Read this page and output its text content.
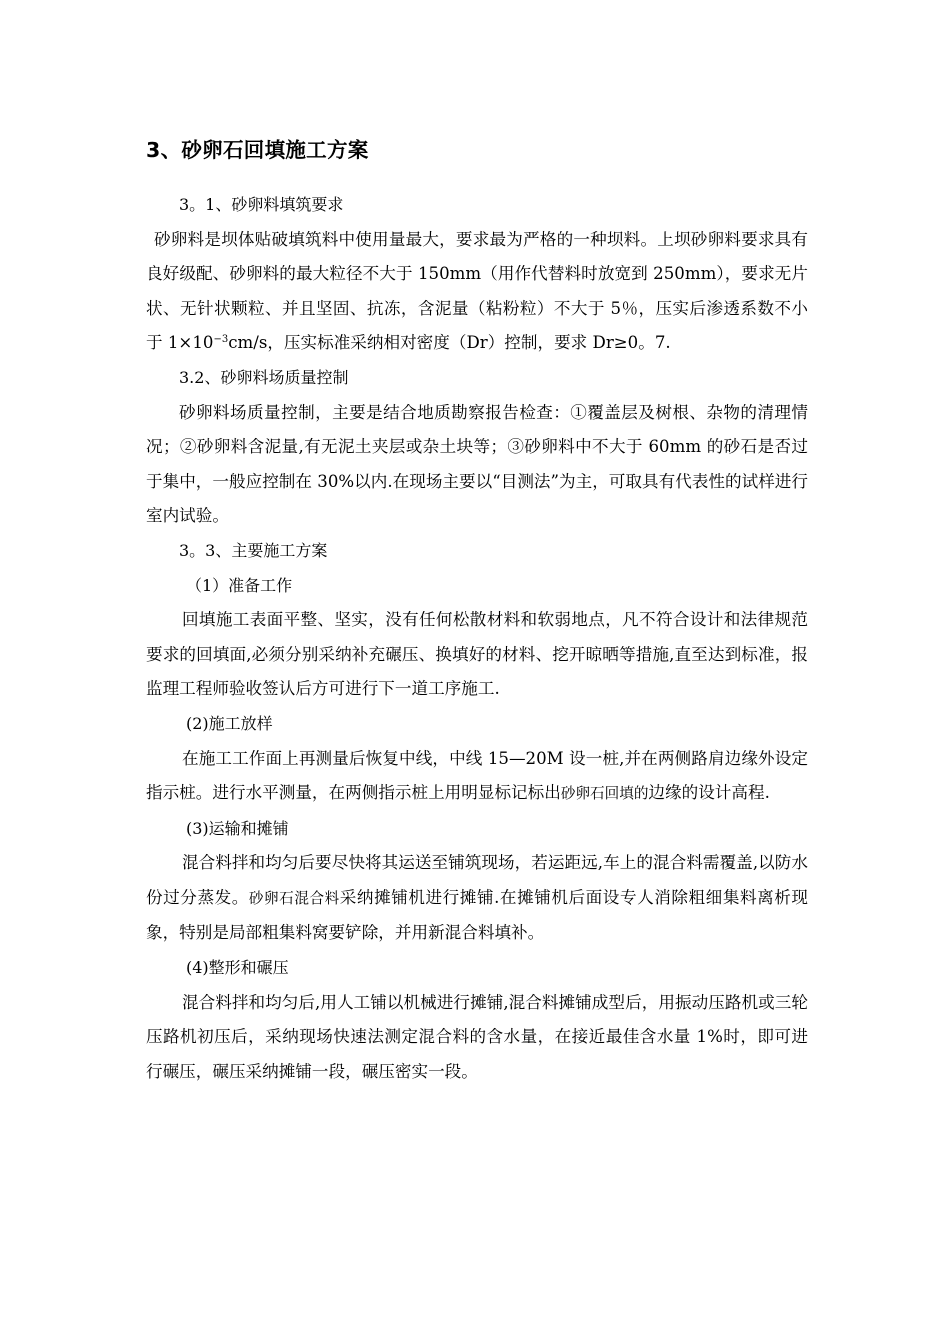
3、砂卵石回填施工方案

3。1、砂卵料填筑要求

砂卵料是坝体贴破填筑料中使用量最大，要求最为严格的一种坝料。上坝砂卵料要求具有良好级配、砂卵料的最大粒径不大于 150mm（用作代替料时放宽到 250mm），要求无片状、无针状颗粒、并且坚固、抗冻，含泥量（粘粉粒）不大于 5％，压实后渗透系数不小于 $1\times 10^{-3}cm/s$，压实标准采纳相对密度（Dr）控制，要求 Dr≥0。7.

3.2、砂卵料场质量控制

砂卵料场质量控制，主要是结合地质勘察报告检查：①覆盖层及树根、杂物的清理情况；②砂卵料含泥量,有无泥土夹层或杂土块等；③砂卵料中不大于 60mm 的砂石是否过于集中，一般应控制在 30%以内.在现场主要以“目测法”为主，可取具有代表性的试样进行室内试验。

3。3、主要施工方案

（1）准备工作

回填施工表面平整、坚实，没有任何松散材料和软弱地点，凡不符合设计和法律规范要求的回填面,必须分别采纳补充碾压、换填好的材料、挖开晾晒等措施,直至达到标准，报监理工程师验收签认后方可进行下一道工序施工.

(2)施工放样

在施工工作面上再测量后恢复中线，中线 15—20M 设一桩,并在两侧路肩边缘外设定指示桩。进行水平测量，在两侧指示桩上用明显标记标出砂卵石回填的边缘的设计高程.

(3)运输和摊铺

混合料拌和均匀后要尽快将其运送至铺筑现场，若运距远,车上的混合料需覆盖,以防水份过分蒸发。砂卵石混合料采纳摊铺机进行摊铺.在摊铺机后面设专人消除粗细集料离析现象，特别是局部粗集料窝要铲除，并用新混合料填补。

(4)整形和碾压

混合料拌和均匀后,用人工铺以机械进行摊铺,混合料摊铺成型后，用振动压路机或三轮压路机初压后，采纳现场快速法测定混合料的含水量，在接近最佳含水量 1%时，即可进行碾压，碾压采纳摊铺一段，碾压密实一段。
